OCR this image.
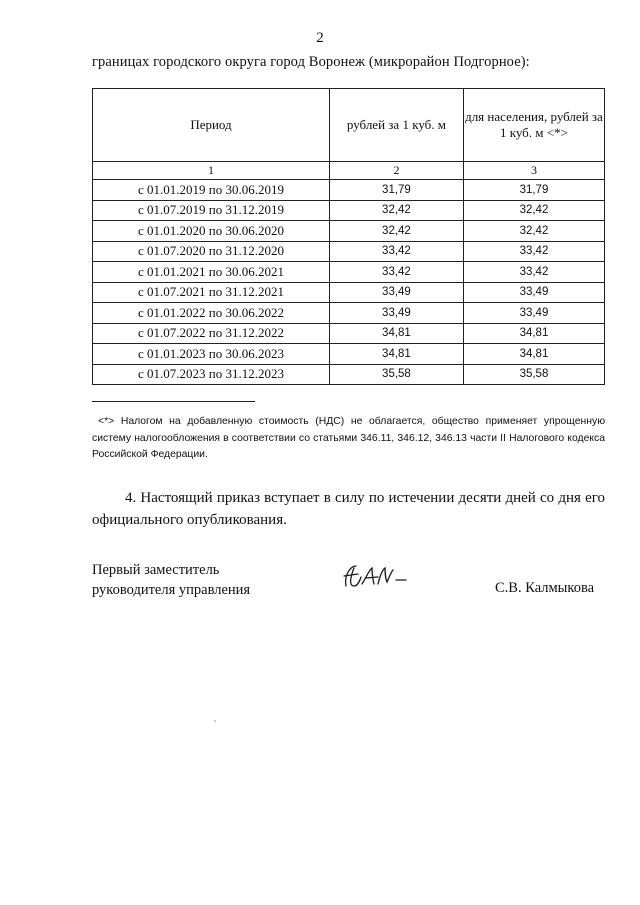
2
границах городского округа город Воронеж (микрорайон Подгорное):
Период	рублей за 1 куб. м	для населения, рублей за 1 куб. м <*>
1	2	3
с 01.01.2019 по 30.06.2019	31,79	31,79
с 01.07.2019 по 31.12.2019	32,42	32,42
с 01.01.2020 по 30.06.2020	32,42	32,42
с 01.07.2020 по 31.12.2020	33,42	33,42
с 01.01.2021 по 30.06.2021	33,42	33,42
с 01.07.2021 по 31.12.2021	33,49	33,49
с 01.01.2022 по 30.06.2022	33,49	33,49
с 01.07.2022 по 31.12.2022	34,81	34,81
с 01.01.2023 по 30.06.2023	34,81	34,81
с 01.07.2023 по 31.12.2023	35,58	35,58
<*> Налогом на добавленную стоимость (НДС) не облагается, общество применяет упрощенную систему налогообложения в соответствии со статьями 346.11, 346.12, 346.13 части II Налогового кодекса Российской Федерации.
4. Настоящий приказ вступает в силу по истечении десяти дней со дня его официального опубликования.
Первый заместитель
руководителя управления	С.В. Калмыкова
